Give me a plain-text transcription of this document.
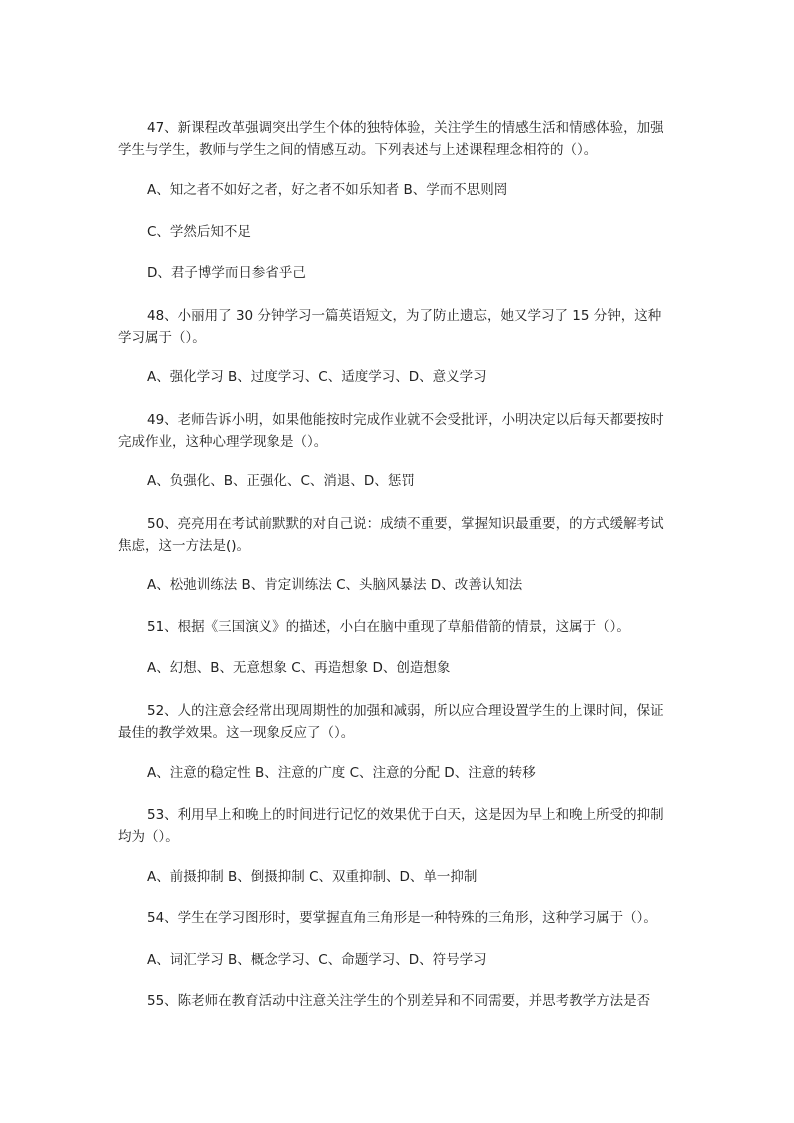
47、新课程改革强调突出学生个体的独特体验，关注学生的情感生活和情感体验，加强学生与学生，教师与学生之间的情感互动。下列表述与上述课程理念相符的（）。

A、知之者不如好之者，好之者不如乐知者 B、学而不思则罔

C、学然后知不足

D、君子博学而日参省乎己

48、小丽用了 30 分钟学习一篇英语短文，为了防止遗忘，她又学习了 15 分钟，这种学习属于（）。

A、强化学习 B、过度学习、C、适度学习、D、意义学习

49、老师告诉小明，如果他能按时完成作业就不会受批评，小明决定以后每天都要按时完成作业，这种心理学现象是（）。

A、负强化、B、正强化、C、消退、D、惩罚

50、亮亮用在考试前默默的对自己说：成绩不重要，掌握知识最重要，的方式缓解考试焦虑，这一方法是()。

A、松弛训练法 B、肯定训练法 C、头脑风暴法 D、改善认知法

51、根据《三国演义》的描述，小白在脑中重现了草船借箭的情景，这属于（）。

A、幻想、B、无意想象 C、再造想象 D、创造想象

52、人的注意会经常出现周期性的加强和减弱，所以应合理设置学生的上课时间，保证最佳的教学效果。这一现象反应了（）。

A、注意的稳定性 B、注意的广度 C、注意的分配 D、注意的转移

53、利用早上和晚上的时间进行记忆的效果优于白天，这是因为早上和晚上所受的抑制均为（）。

A、前摄抑制 B、倒摄抑制 C、双重抑制、D、单一抑制

54、学生在学习图形时，要掌握直角三角形是一种特殊的三角形，这种学习属于（）。

A、词汇学习 B、概念学习、C、命题学习、D、符号学习

55、陈老师在教育活动中注意关注学生的个别差异和不同需要，并思考教学方法是否
